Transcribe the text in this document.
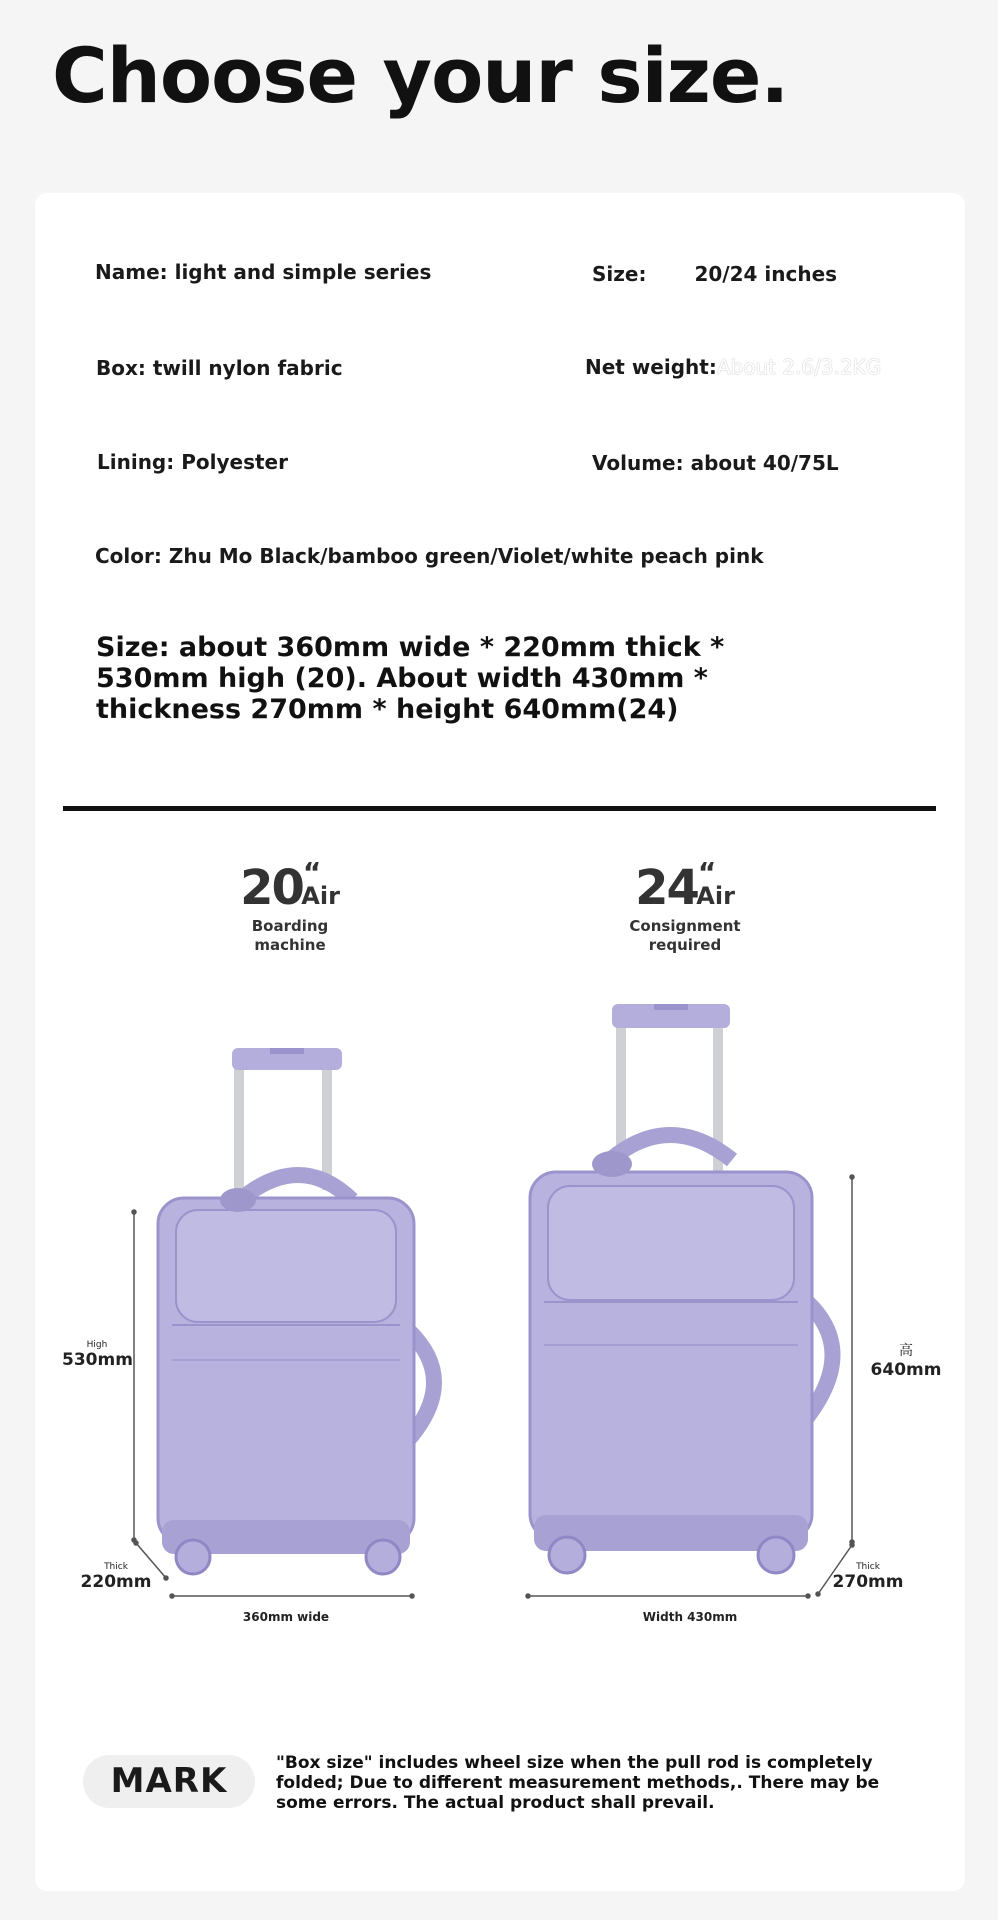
Choose your size.
Name: light and simple series	Size: 20/24 inches
Box: twill nylon fabric	Net weight:About 2.6/3.2KG
Lining: Polyester	Volume: about 40/75L
Color: Zhu Mo Black/bamboo green/Violet/white peach pink

Size: about 360mm wide * 220mm thick * 530mm high (20). About width 430mm * thickness 270mm * height 640mm(24)

20“Air
Boarding
machine
24“Air
Consignment
required
High
530mm
Thick
220mm
360mm wide
高
640mm
Thick
270mm
Width 430mm
MARK	"Box size" includes wheel size when the pull rod is completely folded; Due to different measurement methods,. There may be some errors. The actual product shall prevail.
